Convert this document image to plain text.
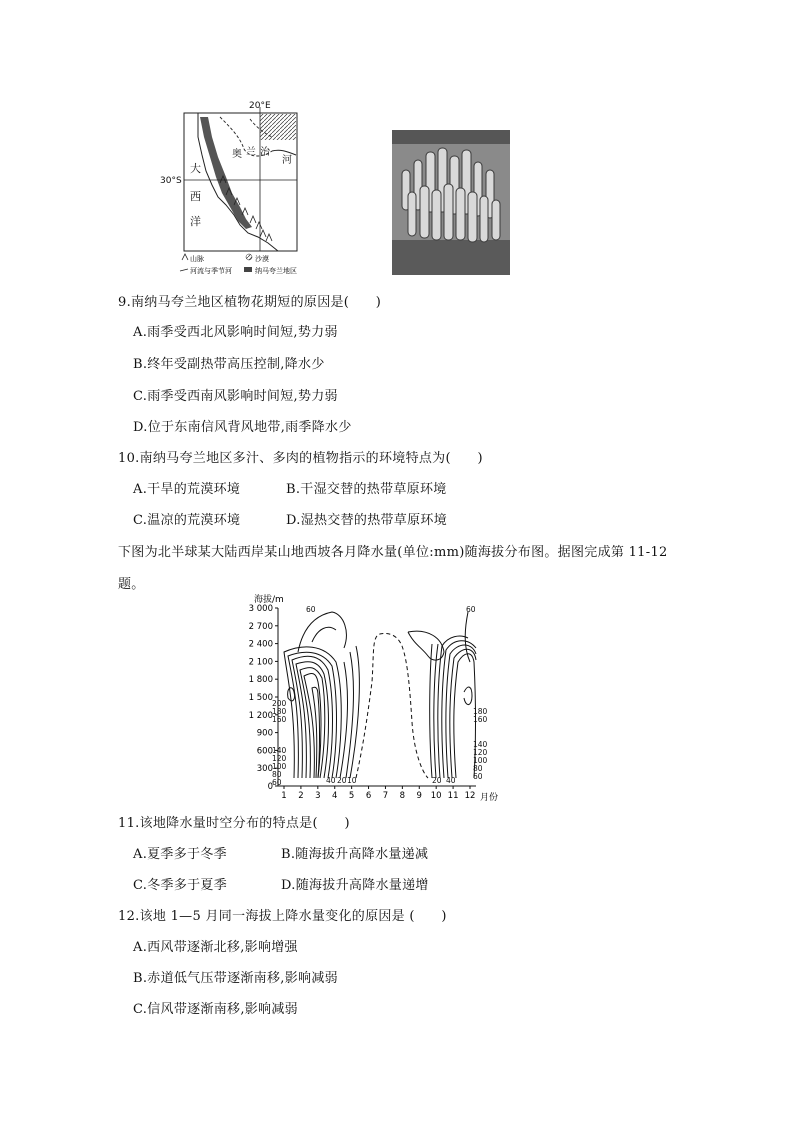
20°E
30°S
大
西
洋
奥 兰 治
河
山脉	沙漠
河流与季节河	纳马夸兰地区
9.南纳马夸兰地区植物花期短的原因是(　　)
A.雨季受西北风影响时间短,势力弱
B.终年受副热带高压控制,降水少
C.雨季受西南风影响时间短,势力弱
D.位于东南信风背风地带,雨季降水少
10.南纳马夸兰地区多汁、多肉的植物指示的环境特点为(　　)
A.干旱的荒漠环境	B.干湿交替的热带草原环境
C.温凉的荒漠环境	D.湿热交替的热带草原环境
下图为北半球某大陆西岸某山地西坡各月降水量(单位:mm)随海拔分布图。据图完成第 11-12
题。
海拔/m
月份
0
300
600
900
1 200
1 500
1 800
2 100
2 400
2 700
3 000
1 2 3 4 5 6 7 8 9 10 11 12
60
200
180
160
140
120
100
80
60	40 20 10
60
180
160
140
120
100
80
60
20 40
11.该地降水量时空分布的特点是(　　)
A.夏季多于冬季	B.随海拔升高降水量递减
C.冬季多于夏季	D.随海拔升高降水量递增
12.该地 1—5 月同一海拔上降水量变化的原因是 (　　)
A.西风带逐渐北移,影响增强
B.赤道低气压带逐渐南移,影响减弱
C.信风带逐渐南移,影响减弱
